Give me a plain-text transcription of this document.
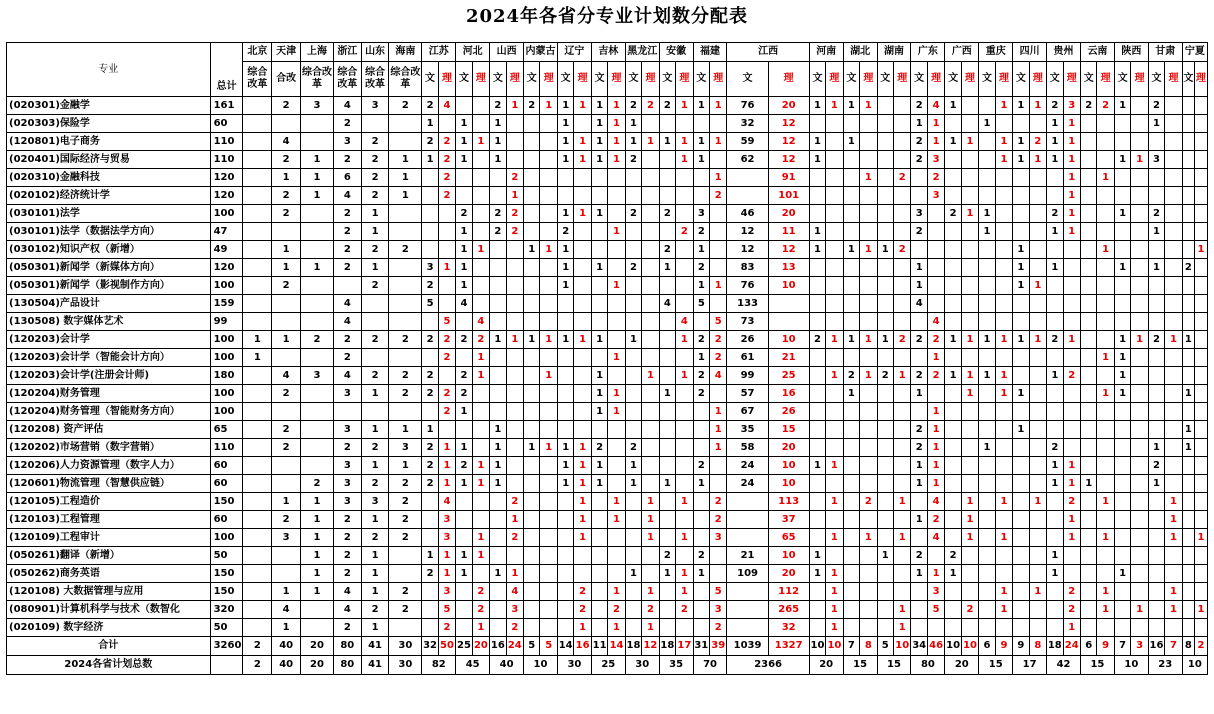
2024年各省分专业计划数分配表
专业	总计	北京	天津	上海	浙江	山东	海南	江苏		河北		山西		内蒙古		辽宁		吉林		黑龙江		安徽		福建		江西		河南		湖北		湖南		广东		广西		重庆		四川		贵州		云南		陕西		甘肃		宁夏	
		综合改革	合改	综合改革	综合改革	综合改革	综合改革	文	理	文	理	文	理	文	理	文	理	文	理	文	理	文	理	文	理	文	理	文	理	文	理	文	理	文	理	文	理	文	理	文	理	文	理	文	理	文	理	文	理	文	理
(020301)金融学	161		2	3	4	3	2	2	4			2	1	2	1	1	1	1	1	2	2	2	1	1	1	76	20	1	1	1	1			2	4	1			1	1	1	2	3	2	2	1		2			
(020303)保险学	60				2			1		1		1				1		1	1	1						32	12							1	1			1				1	1					1			
(120801)电子商务	110		4		3	2		2	2	1	1	1				1	1	1	1	1	1	1	1	1	1	59	12	1		1				2	1	1	1		1	1	2	1	1								
(020401)国际经济与贸易	110		2	1	2	2	1	1	2	1		1				1	1	1	1	2			1	1		62	12	1						2	3				1	1	1	1	1			1	1	3			
(020310)金融科技	120		1	1	6	2	1		2				2												1		91				1		2		2								1		1						
(020102)经济统计学	120		2	1	4	2	1		2				1												2		101								3								1								
(030101)法学	100		2		2	1				2		2	2			1	1	1		2		2		3		46	20							3		2	1	1				2	1			1		2			
(030101)法学（数据法学方向）	47				2	1				1		2	2			2			1				2	2		12	11	1						2				1				1	1					1			
(030102)知识产权（新增）	49		1		2	2	2			1	1			1	1	1						2		1		12	12	1		1	1	1	2							1					1						1
(050301)新闻学（新媒体方向）	120		1	1	2	1		3	1	1						1		1		2		1		2		83	13							1						1		1				1		1		2	
(050301)新闻学（影视制作方向）	100		2			2		2		1						1			1					1	1	76	10							1						1	1										
(130504)产品设计	159				4			5		4												4		5		133								4																	
(130508) 数字媒体艺术	99				4				5		4												4		5	73									4																
(120203)会计学	100	1	1	2	2	2	2	2	2	2	2	1	1	1	1	1	1	1		1			1	2	2	26	10	2	1	1	1	1	2	2	2	1	1	1	1	1	1	2	1			1	1	2	1	1	
(120203)会计学（智能会计方向）	100	1			2				2		1								1					1	2	61	21								1										1	1					
(120203)会计学(注册会计师)	180		4	3	4	2	2	2		2	1				1			1			1		1	2	4	99	25		1	2	1	2	1	2	2	1	1	1	1			1	2			1					
(120204)财务管理	100		2		3	1	2	2	2	2								1	1			1		2		57	16			1				1			1		1	1					1	1				1	
(120204)财务管理（智能财务方向）	100								2	1								1	1						1	67	26								1																
(120208) 资产评估	65		2		3	1	1	1				1													1	35	15							2	1					1										1	
(120202)市场营销（数字营销）	110		2		2	2	3	2	1	1		1		1	1	1	1	2		2					1	58	20							2	1			1				2						1		1	
(120206)人力资源管理（数字人力）	60				3	1	1	2	1	2	1	1				1	1	1		1				2		24	10	1	1					1	1							1	1					2			
(120601)物流管理（智慧供应链）	60			2	3	2	2	2	1	1	1	1				1	1	1		1		1		1		24	10							1	1							1	1	1				1			
(120105)工程造价	150		1	1	3	3	2		4				2				1		1		1		1		2		113		1		2		1		4		1		1		1		2		1				1		
(120103)工程管理	60		2	1	2	1	2		3				1				1		1		1				2		37							1	2		1						1						1		
(120109)工程审计	100		3	1	2	2	2		3		1		2				1				1		1		3		65		1		1		1		4		1		1				1		1				1		1
(050261)翻译（新增）	50			1	2	1		1	1	1	1											2		2		21	10	1				1		2		2						1									
(050262)商务英语	150			1	2	1		2	1	1		1	1							1		1	1	1		109	20	1	1					1	1	1						1				1					
(120108) 大数据管理与应用	150		1	1	4	1	2		3		2		4				2		1		1		1		5		112		1						3				1		1		2		1				1		
(080901)计算机科学与技术（数智化	320		4		4	2	2		5		2		3				2		2		2		2		3		265		1				1		5		2		1				2		1		1		1		1
(020109) 数字经济	50		1		2	1			2		1		2				1		1		1				2		32		1				1										1								
合计	3260	2	40	20	80	41	30	32	50	25	20	16	24	5	5	14	16	11	14	18	12	18	17	31	39	1039	1327	10	10	7	8	5	10	34	46	10	10	6	9	9	8	18	24	6	9	7	3	16	7	8	2
2024各省计划总数		2	40	20	80	41	30	82		45		40		10		30		25		30		35		70		2366		20		15		15		80		20		15		17		42		15		10		23		10	
